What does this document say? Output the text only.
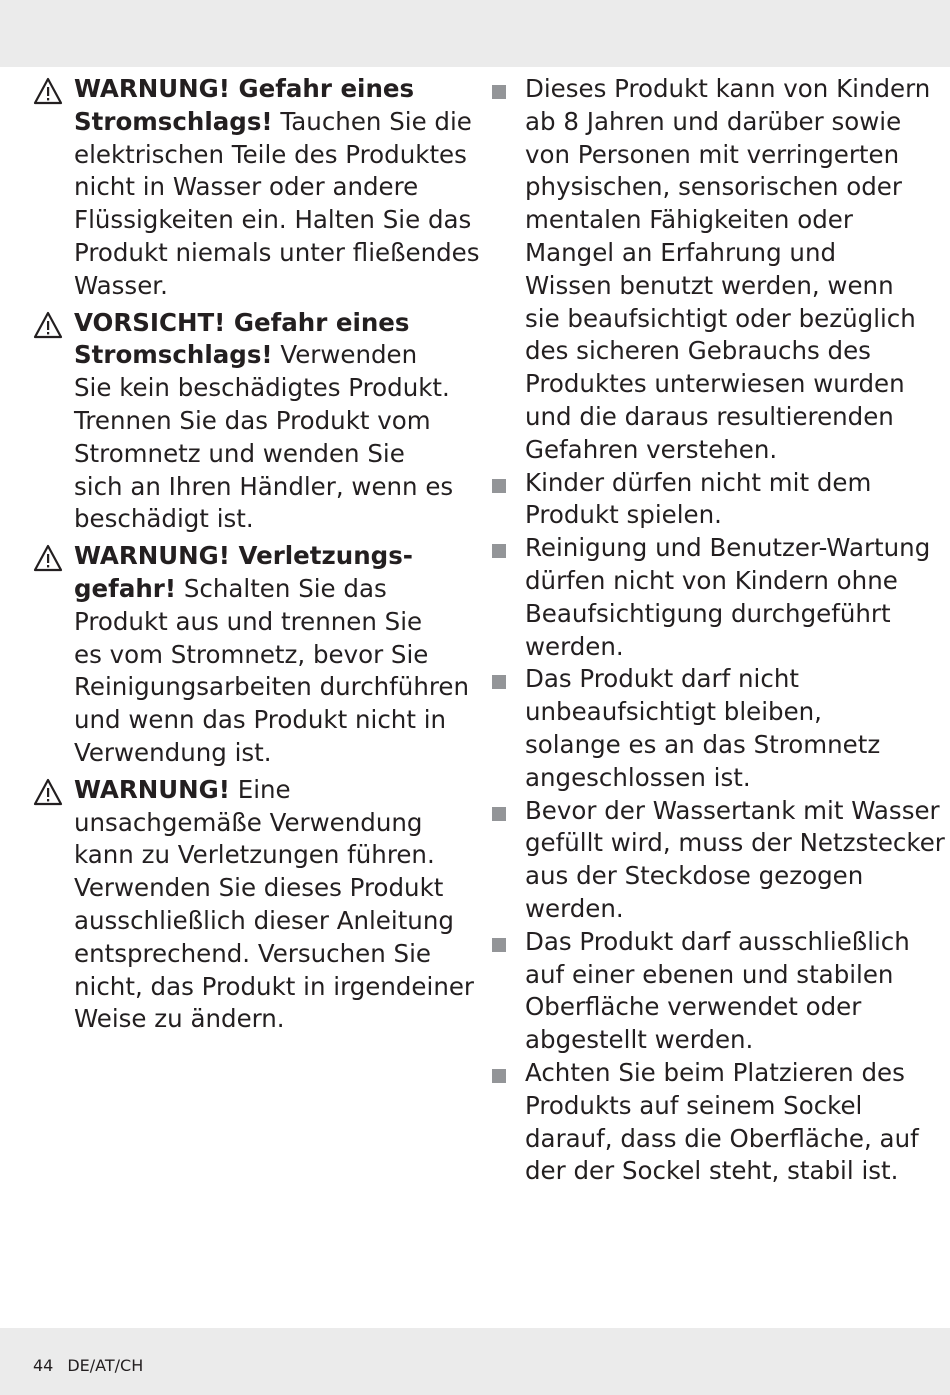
WARNUNG! Gefahr eines
Stromschlags! Tauchen Sie die
elektrischen Teile des Produktes
nicht in Wasser oder andere
Flüssigkeiten ein. Halten Sie das
Produkt niemals unter fließendes
Wasser.
VORSICHT! Gefahr eines
Stromschlags! Verwenden
Sie kein beschädigtes Produkt.
Trennen Sie das Produkt vom
Stromnetz und wenden Sie
sich an Ihren Händler, wenn es
beschädigt ist.
WARNUNG! Verletzungs-
gefahr! Schalten Sie das
Produkt aus und trennen Sie
es vom Stromnetz, bevor Sie
Reinigungsarbeiten durchführen
und wenn das Produkt nicht in
Verwendung ist.
WARNUNG! Eine
unsachgemäße Verwendung
kann zu Verletzungen führen.
Verwenden Sie dieses Produkt
ausschließlich dieser Anleitung
entsprechend. Versuchen Sie
nicht, das Produkt in irgendeiner
Weise zu ändern.
Dieses Produkt kann von Kindern
ab 8 Jahren und darüber sowie
von Personen mit verringerten
physischen, sensorischen oder
mentalen Fähigkeiten oder
Mangel an Erfahrung und
Wissen benutzt werden, wenn
sie beaufsichtigt oder bezüglich
des sicheren Gebrauchs des
Produktes unterwiesen wurden
und die daraus resultierenden
Gefahren verstehen.
Kinder dürfen nicht mit dem
Produkt spielen.
Reinigung und Benutzer-Wartung
dürfen nicht von Kindern ohne
Beaufsichtigung durchgeführt
werden.
Das Produkt darf nicht
unbeaufsichtigt bleiben,
solange es an das Stromnetz
angeschlossen ist.
Bevor der Wassertank mit Wasser
gefüllt wird, muss der Netzstecker
aus der Steckdose gezogen
werden.
Das Produkt darf ausschließlich
auf einer ebenen und stabilen
Oberfläche verwendet oder
abgestellt werden.
Achten Sie beim Platzieren des
Produkts auf seinem Sockel
darauf, dass die Oberfläche, auf
der der Sockel steht, stabil ist.
44 DE/AT/CH
